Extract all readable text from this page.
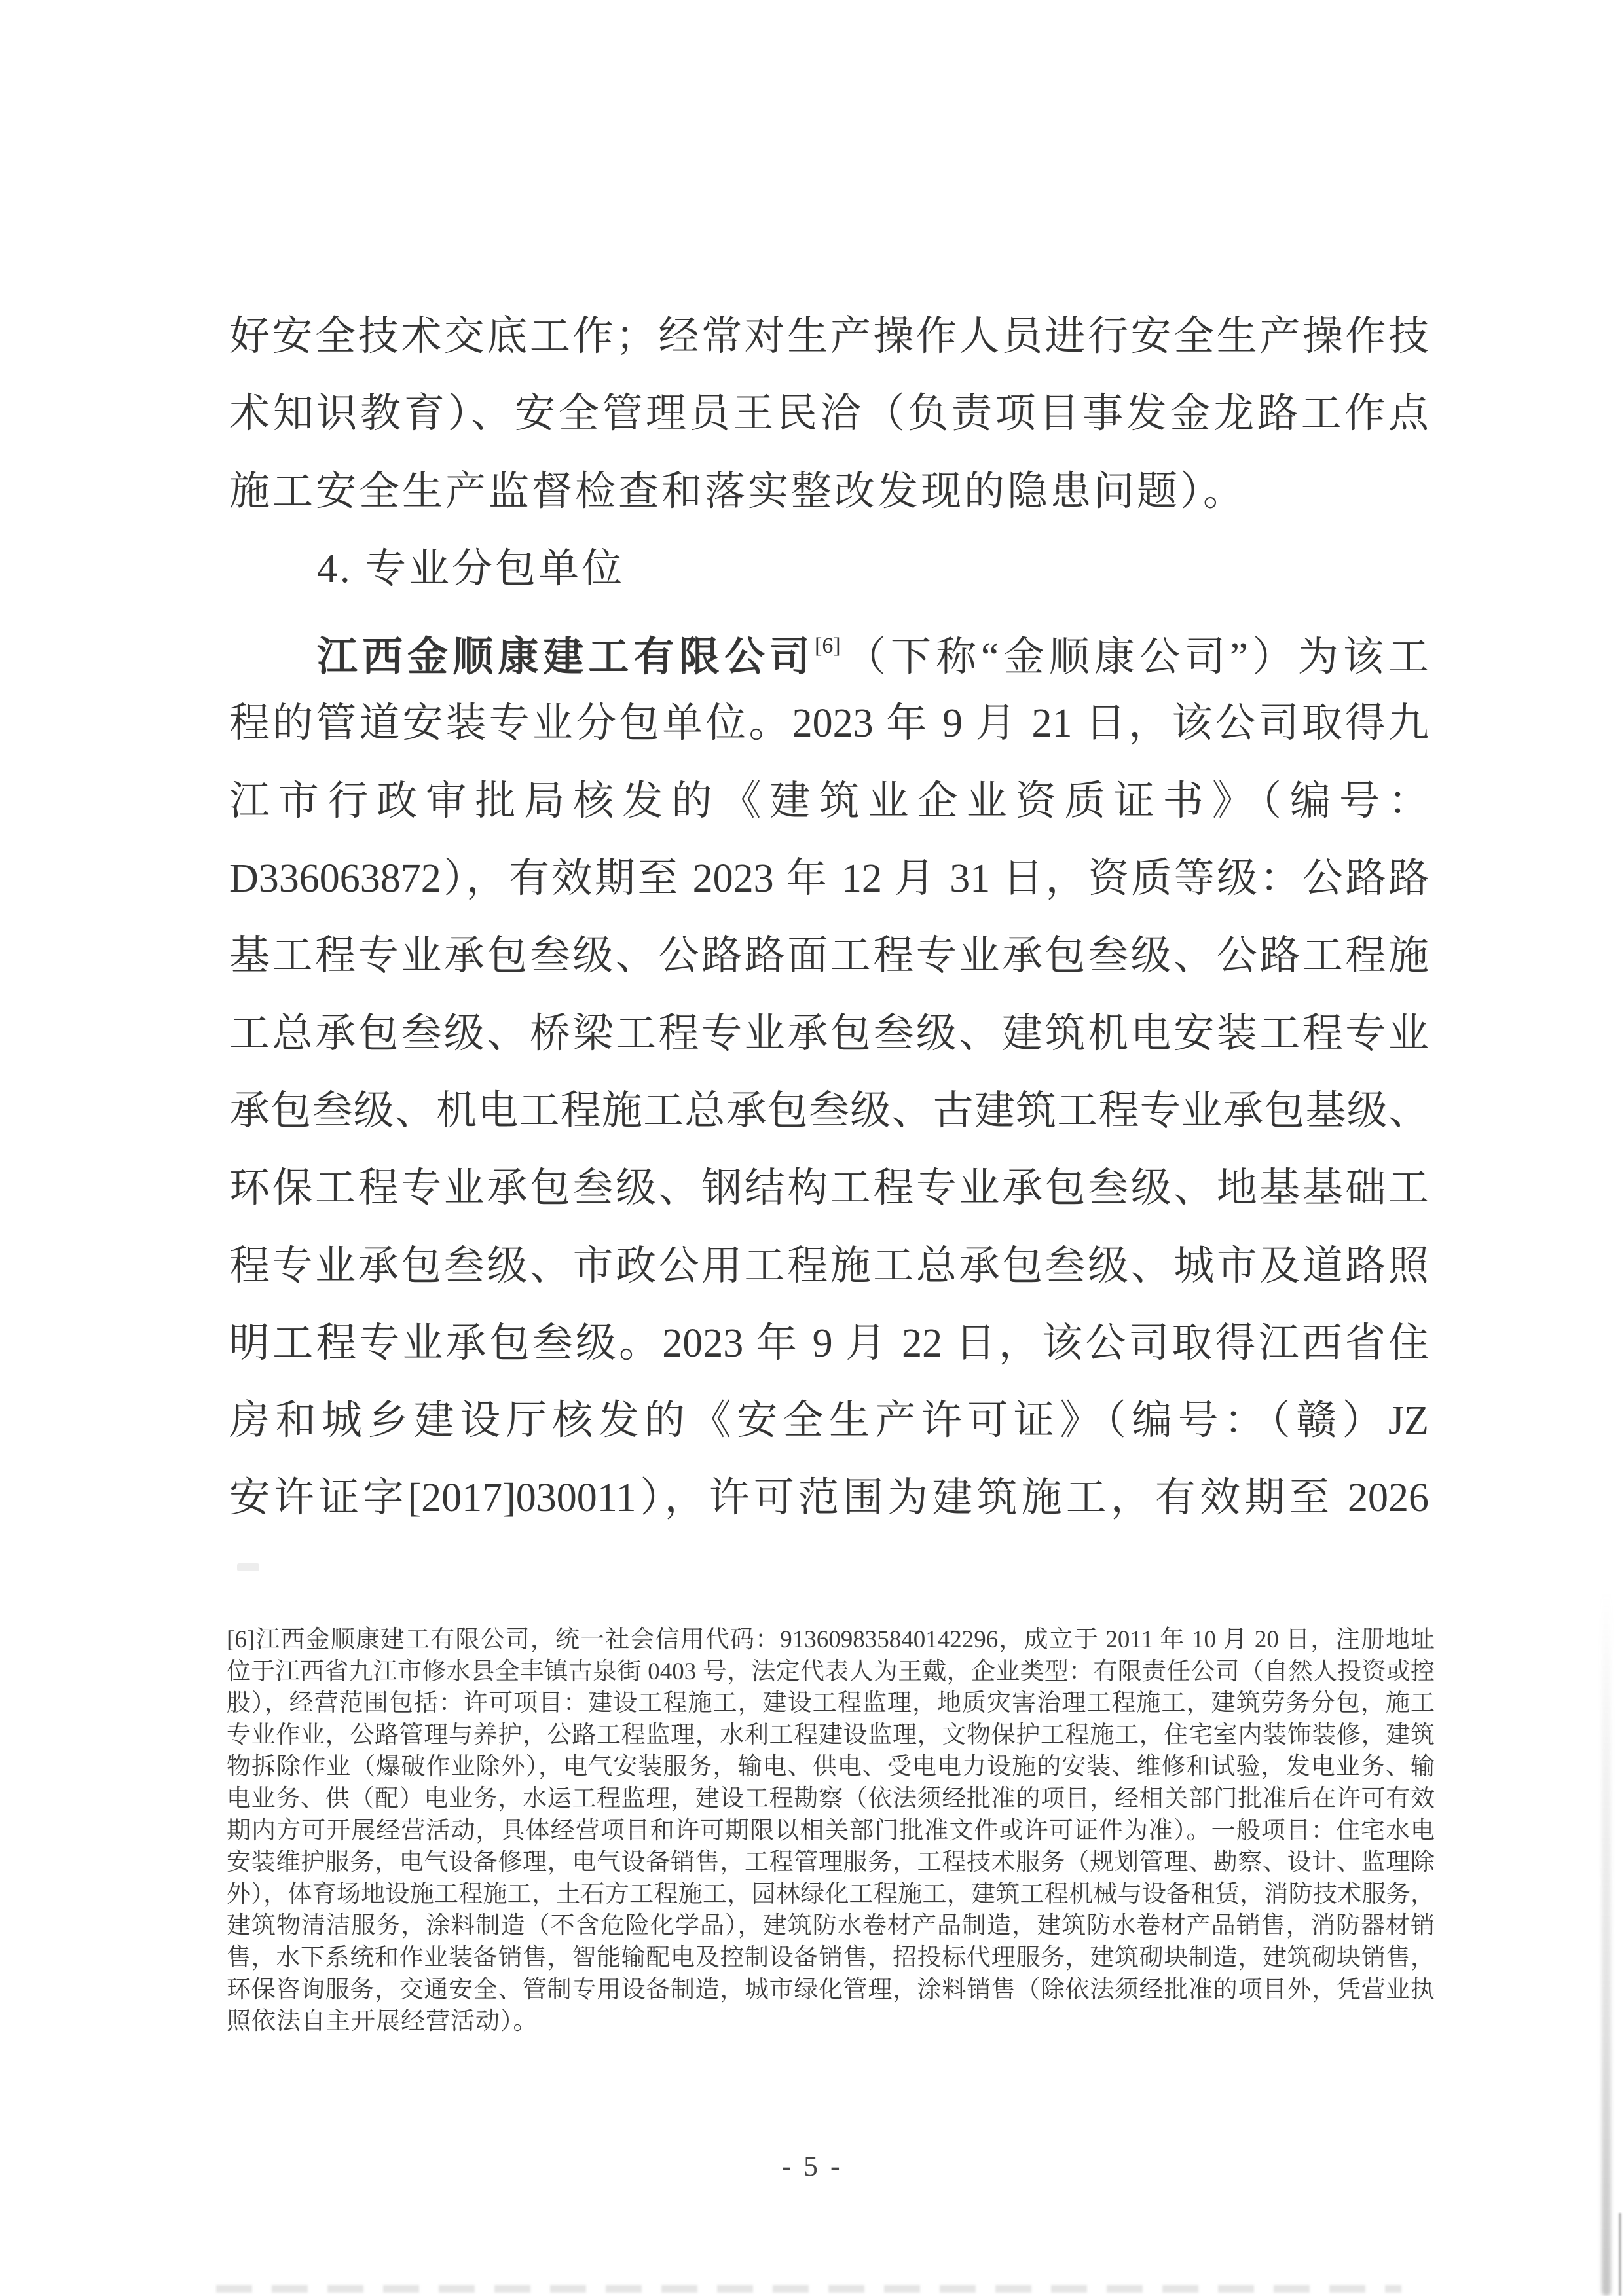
好安全技术交底工作；经常对生产操作人员进行安全生产操作技
术知识教育）、安全管理员王民洽（负责项目事发金龙路工作点
施工安全生产监督检查和落实整改发现的隐患问题）。
4. 专业分包单位
江西金顺康建工有限公司[6]（下称“金顺康公司”）为该工
程的管道安装专业分包单位。2023 年 9 月 21 日，该公司取得九
江市行政审批局核发的《建筑业企业资质证书》（编号：
D336063872），有效期至 2023 年 12 月 31 日，资质等级：公路路
基工程专业承包叁级、公路路面工程专业承包叁级、公路工程施
工总承包叁级、桥梁工程专业承包叁级、建筑机电安装工程专业
承包叁级、机电工程施工总承包叁级、古建筑工程专业承包基级、
环保工程专业承包叁级、钢结构工程专业承包叁级、地基基础工
程专业承包叁级、市政公用工程施工总承包叁级、城市及道路照
明工程专业承包叁级。2023 年 9 月 22 日，该公司取得江西省住
房和城乡建设厅核发的《安全生产许可证》（编号：（赣）JZ
安许证字[2017]030011），许可范围为建筑施工，有效期至 2026
[6]江西金顺康建工有限公司，统一社会信用代码：913609835840142296，成立于 2011 年 10 月 20 日，注册地址
位于江西省九江市修水县全丰镇古泉街 0403 号，法定代表人为王戴，企业类型：有限责任公司（自然人投资或控
股），经营范围包括：许可项目：建设工程施工，建设工程监理，地质灾害治理工程施工，建筑劳务分包，施工
专业作业，公路管理与养护，公路工程监理，水利工程建设监理，文物保护工程施工，住宅室内装饰装修，建筑
物拆除作业（爆破作业除外），电气安装服务，输电、供电、受电电力设施的安装、维修和试验，发电业务、输
电业务、供（配）电业务，水运工程监理，建设工程勘察（依法须经批准的项目，经相关部门批准后在许可有效
期内方可开展经营活动，具体经营项目和许可期限以相关部门批准文件或许可证件为准）。一般项目：住宅水电
安装维护服务，电气设备修理，电气设备销售，工程管理服务，工程技术服务（规划管理、勘察、设计、监理除
外），体育场地设施工程施工，土石方工程施工，园林绿化工程施工，建筑工程机械与设备租赁，消防技术服务，
建筑物清洁服务，涂料制造（不含危险化学品），建筑防水卷材产品制造，建筑防水卷材产品销售，消防器材销
售，水下系统和作业装备销售，智能输配电及控制设备销售，招投标代理服务，建筑砌块制造，建筑砌块销售，
环保咨询服务，交通安全、管制专用设备制造，城市绿化管理，涂料销售（除依法须经批准的项目外，凭营业执
照依法自主开展经营活动）。
- 5 -
